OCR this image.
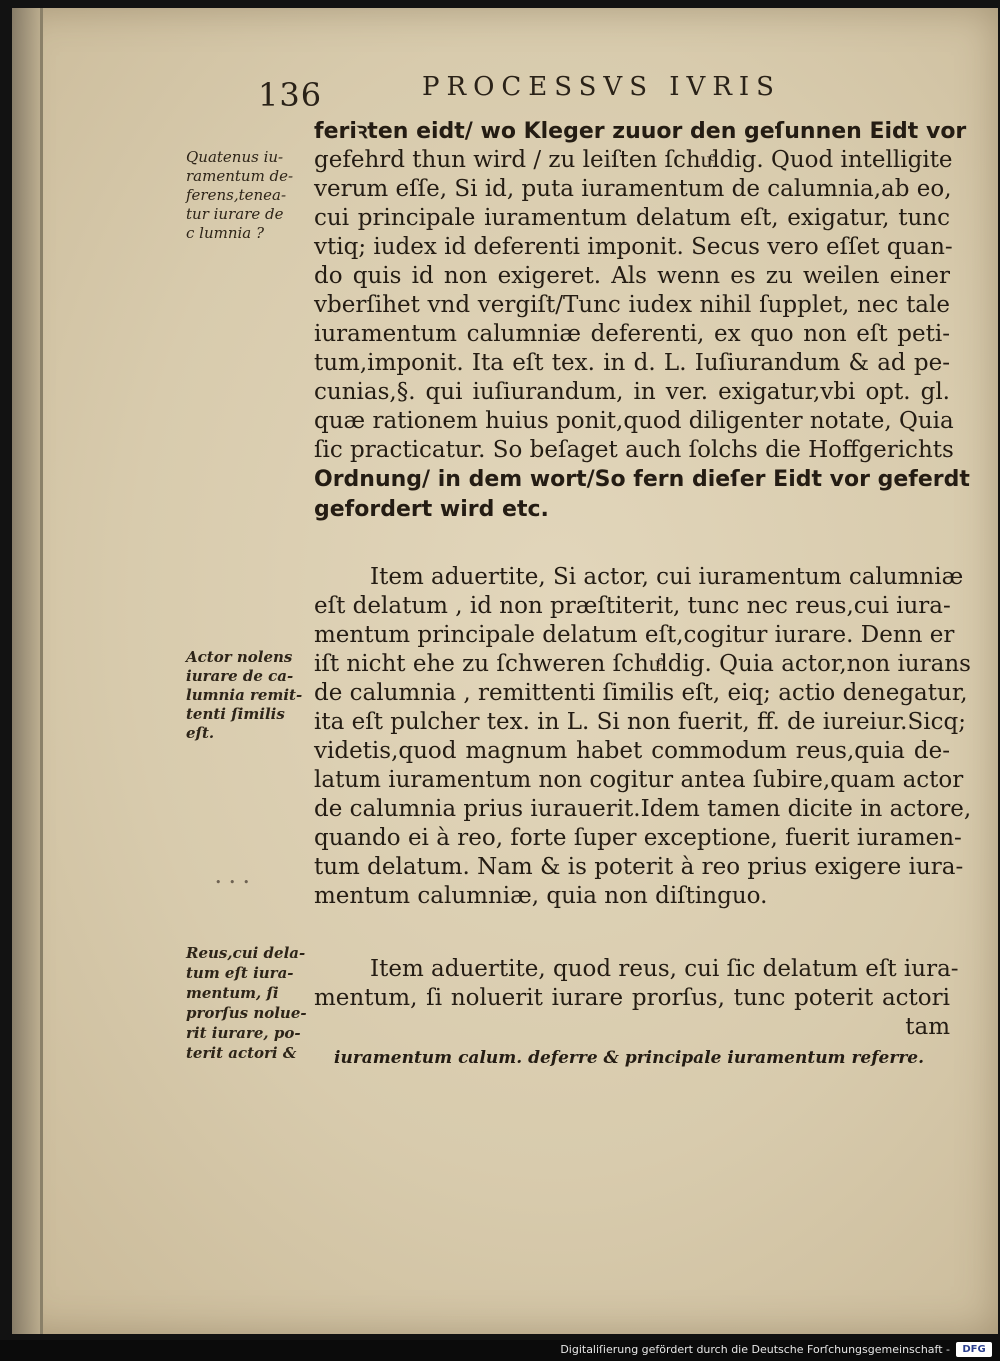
136	PROCESSVS IVRIS
feriꝛten eidt/ wo Kleger zuuor den geſunnen Eidt vor
gefehrd thun wird / zu leiſten ſchuͤldig. Quod intelligite
verum eſſe, Si id, puta iuramentum de calumnia,ab eo,
cui principale iuramentum delatum eſt, exigatur, tunc
vtiq; iudex id deferenti imponit. Secus vero eſſet quan-
do quis id non exigeret. Als wenn es zu weilen einer
vberſihet vnd vergiſt/Tunc iudex nihil ſupplet, nec tale
iuramentum calumniæ deferenti, ex quo non eſt peti-
tum,imponit. Ita eſt tex. in d. L. Iuſiurandum & ad pe-
cunias,§. qui iuſiurandum, in ver. exigatur,vbi opt. gl.
quæ rationem huius ponit,quod diligenter notate, Quia
ſic practicatur. So beſaget auch ſolchs die Hoffgerichts
Ordnung/ in dem wort/So fern dieſer Eidt vor geferdt
gefordert wird etc.
Item aduertite, Si actor, cui iuramentum calumniæ
eſt delatum , id non præſtiterit, tunc nec reus,cui iura-
mentum principale delatum eſt,cogitur iurare. Denn er
iſt nicht ehe zu ſchweren ſchuͤldig. Quia actor,non iurans
de calumnia , remittenti ſimilis eſt, eiq; actio denegatur,
ita eſt pulcher tex. in L. Si non fuerit, ff. de iureiur.Sicq;
videtis,quod magnum habet commodum reus,quia de-
latum iuramentum non cogitur antea ſubire,quam actor
de calumnia prius iurauerit.Idem tamen dicite in actore,
quando ei à reo, forte ſuper exceptione, fuerit iuramen-
tum delatum. Nam & is poterit à reo prius exigere iura-
mentum calumniæ, quia non diſtinguo.
Item aduertite, quod reus, cui ſic delatum eſt iura-
mentum, ſi noluerit iurare prorſus, tunc poterit actori
tam
iuramentum calum. deferre & principale iuramentum referre.
Quatenus iu-
ramentum de-
ferens,tenea-
tur iurare de
c lumnia ?
Actor nolens
iurare de ca-
lumnia remit-
tenti ſimilis
eſt.
Reus,cui dela-
tum eſt iura-
mentum, ſi
prorſus nolue-
rit iurare, po-
terit actori &
• • •
Digitaliſierung gefördert durch die Deutsche Forſchungsgemeinschaft -	DFG
